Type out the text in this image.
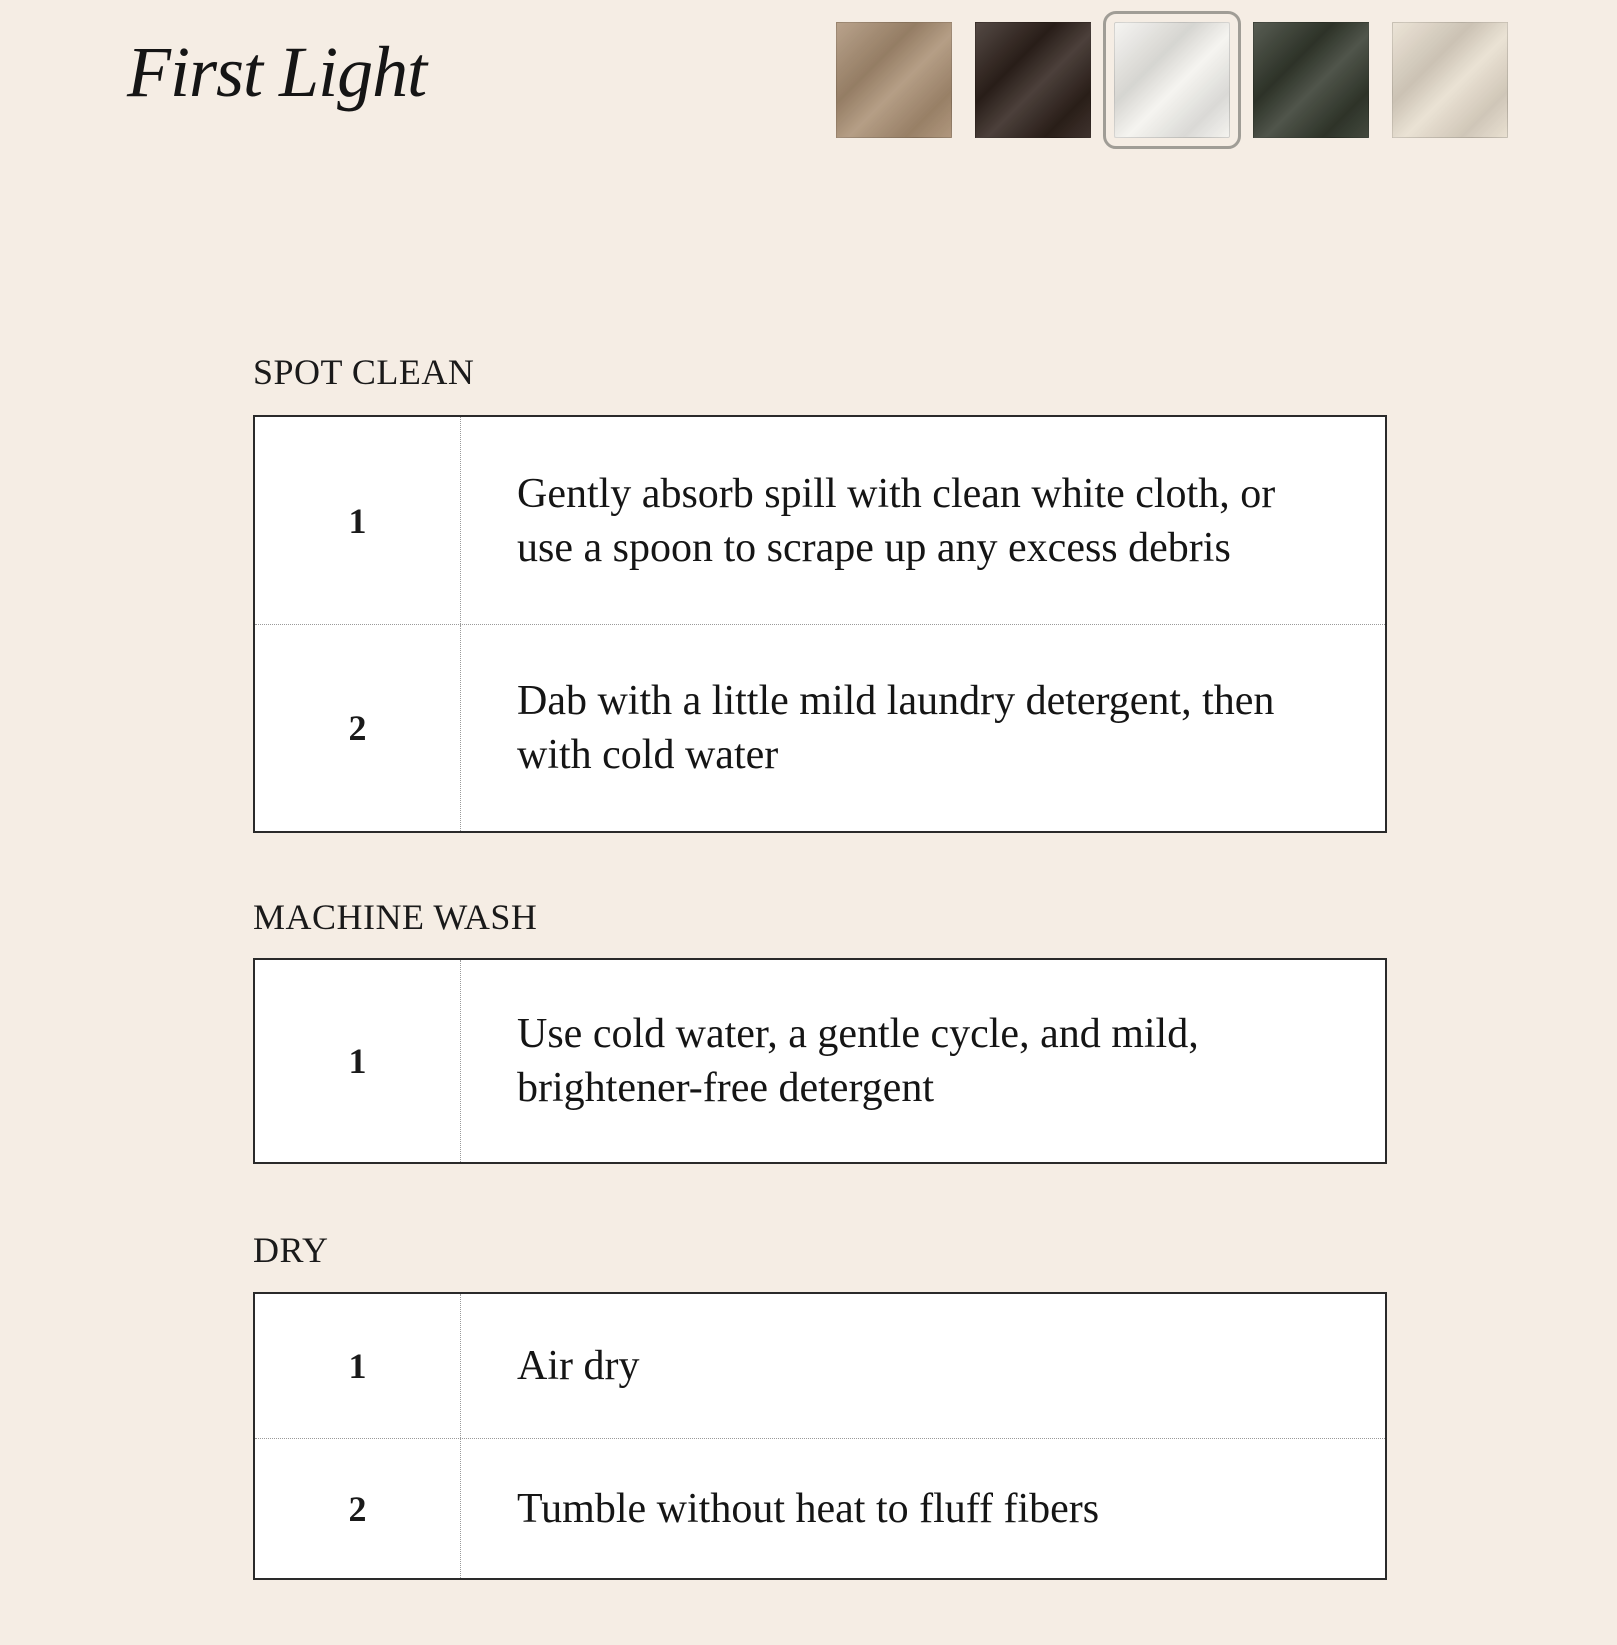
First Light
SPOT CLEAN
1
Gently absorb spill with clean white cloth, or use a spoon to scrape up any excess debris
2
Dab with a little mild laundry detergent, then with cold water
MACHINE WASH
1
Use cold water, a gentle cycle, and mild, brightener-free detergent
DRY
1	Air dry
2	Tumble without heat to fluff fibers
